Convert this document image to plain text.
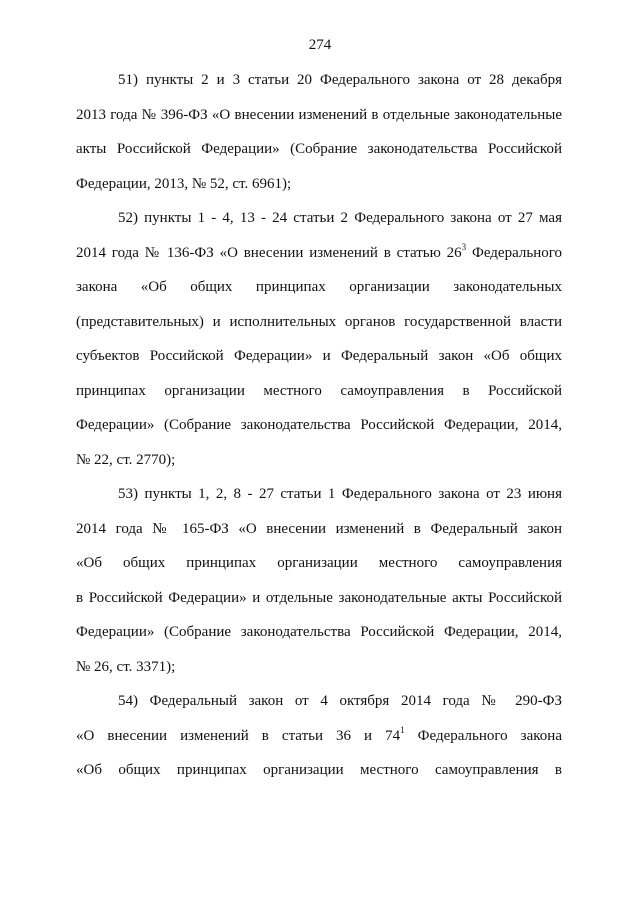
274
51) пункты 2 и 3 статьи 20 Федерального закона от 28 декабря
2013 года № 396-ФЗ «О внесении изменений в отдельные законодательные
акты Российской Федерации» (Собрание законодательства Российской
Федерации, 2013, № 52, ст. 6961);
52) пункты 1 - 4, 13 - 24 статьи 2 Федерального закона от 27 мая
2014 года № 136-ФЗ «О внесении изменений в статью $26^3$ Федерального
закона «Об общих принципах организации законодательных
(представительных) и исполнительных органов государственной власти
субъектов Российской Федерации» и Федеральный закон «Об общих
принципах организации местного самоуправления в Российской
Федерации» (Собрание законодательства Российской Федерации, 2014,
№ 22, ст. 2770);
53) пункты 1, 2, 8 - 27 статьи 1 Федерального закона от 23 июня
2014 года № 165-ФЗ «О внесении изменений в Федеральный закон
«Об общих принципах организации местного самоуправления
в Российской Федерации» и отдельные законодательные акты Российской
Федерации» (Собрание законодательства Российской Федерации, 2014,
№ 26, ст. 3371);
54) Федеральный закон от 4 октября 2014 года № 290-ФЗ
«О внесении изменений в статьи 36 и $74^1$ Федерального закона
«Об общих принципах организации местного самоуправления в
